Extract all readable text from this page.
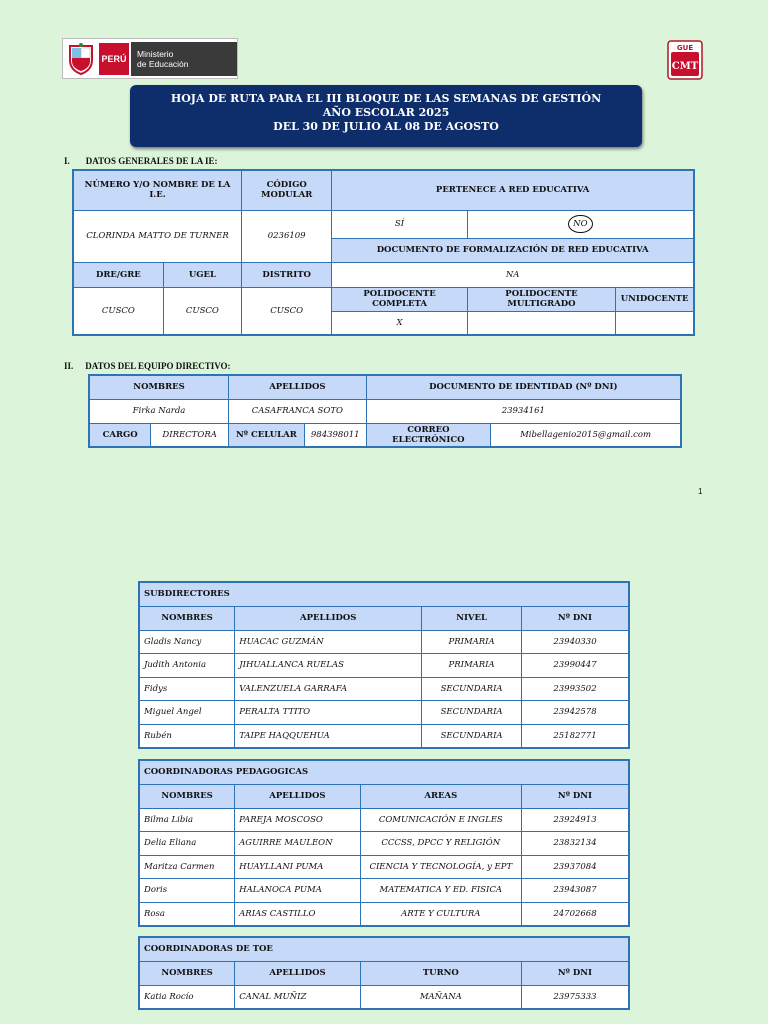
PERÚ Ministerio
de Educación
GUE
CMT
HOJA DE RUTA PARA EL III BLOQUE DE LAS SEMANAS DE GESTIÓN
AÑO ESCOLAR 2025
DEL 30 DE JULIO AL 08 DE AGOSTO
I. DATOS GENERALES DE LA IE:
NÚMERO Y/O NOMBRE DE LA I.E.		CÓDIGO MODULAR	PERTENECE A RED EDUCATIVA		
CLORINDA MATTO DE TURNER		0236109	SÍ	NO	
			DOCUMENTO DE FORMALIZACIÓN DE RED EDUCATIVA		
DRE/GRE	UGEL	DISTRITO	NA		
CUSCO	CUSCO	CUSCO	POLIDOCENTE COMPLETA	POLIDOCENTE MULTIGRADO	UNIDOCENTE
			X		
II. DATOS DEL EQUIPO DIRECTIVO:
NOMBRES		APELLIDOS		DOCUMENTO DE IDENTIDAD (Nº DNI)	
Firka Narda		CASAFRANCA SOTO		23934161	
CARGO	DIRECTORA	Nº CELULAR	984398011	CORREO ELECTRÓNICO	Mibellagenio2015@gmail.com
1
SUBDIRECTORES			
NOMBRES	APELLIDOS	NIVEL	Nº DNI
Gladis Nancy	HUACAC GUZMÁN	PRIMARIA	23940330
Judith Antonia	JIHUALLANCA RUELAS	PRIMARIA	23990447
Fidys	VALENZUELA GARRAFA	SECUNDARIA	23993502
Miguel Angel	PERALTA TTITO	SECUNDARIA	23942578
Rubén	TAIPE HAQQUEHUA	SECUNDARIA	25182771
COORDINADORAS PEDAGOGICAS			
NOMBRES	APELLIDOS	AREAS	Nº DNI
Bilma Libia	PAREJA MOSCOSO	COMUNICACIÓN E INGLES	23924913
Delia Eliana	AGUIRRE MAULEON	CCCSS, DPCC Y RELIGIÓN	23832134
Maritza Carmen	HUAYLLANI PUMA	CIENCIA Y TECNOLOGÍA, y EPT	23937084
Doris	HALANOCA PUMA	MATEMATICA Y ED. FISICA	23943087
Rosa	ARIAS CASTILLO	ARTE Y CULTURA	24702668
COORDINADORAS DE TOE			
NOMBRES	APELLIDOS	TURNO	Nº DNI
Katia Rocío	CANAL MUÑIZ	MAÑANA	23975333
